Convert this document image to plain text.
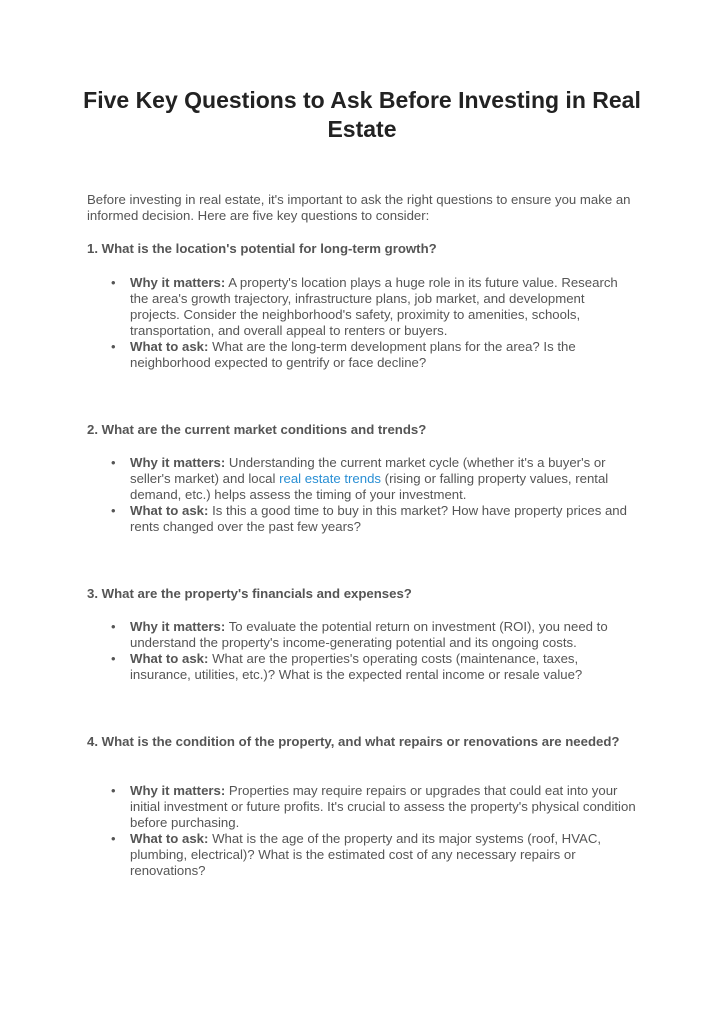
Five Key Questions to Ask Before Investing in Real Estate

Before investing in real estate, it's important to ask the right questions to ensure you make an informed decision. Here are five key questions to consider:

1. What is the location's potential for long-term growth?

• Why it matters: A property's location plays a huge role in its future value. Research the area's growth trajectory, infrastructure plans, job market, and development projects. Consider the neighborhood's safety, proximity to amenities, schools, transportation, and overall appeal to renters or buyers.
• What to ask: What are the long-term development plans for the area? Is the neighborhood expected to gentrify or face decline?

2. What are the current market conditions and trends?

• Why it matters: Understanding the current market cycle (whether it's a buyer's or seller's market) and local real estate trends (rising or falling property values, rental demand, etc.) helps assess the timing of your investment.
• What to ask: Is this a good time to buy in this market? How have property prices and rents changed over the past few years?

3. What are the property's financials and expenses?

• Why it matters: To evaluate the potential return on investment (ROI), you need to understand the property's income-generating potential and its ongoing costs.
• What to ask: What are the properties's operating costs (maintenance, taxes, insurance, utilities, etc.)? What is the expected rental income or resale value?

4. What is the condition of the property, and what repairs or renovations are needed?

• Why it matters: Properties may require repairs or upgrades that could eat into your initial investment or future profits. It's crucial to assess the property's physical condition before purchasing.
• What to ask: What is the age of the property and its major systems (roof, HVAC, plumbing, electrical)? What is the estimated cost of any necessary repairs or renovations?
